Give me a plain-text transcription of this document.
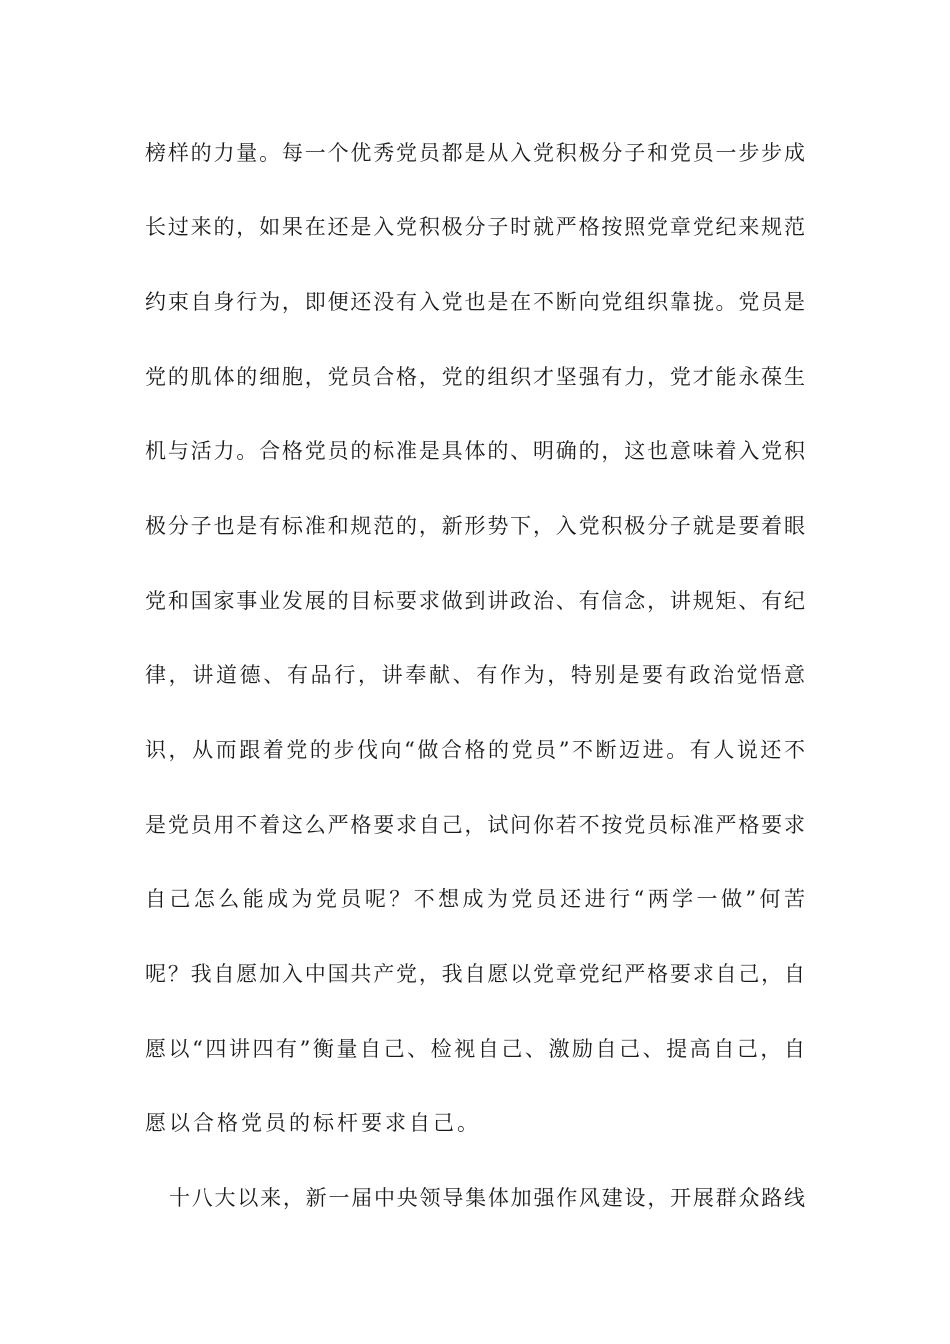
榜样的力量。每一个优秀党员都是从入党积极分子和党员一步步成
长过来的，如果在还是入党积极分子时就严格按照党章党纪来规范
约束自身行为，即便还没有入党也是在不断向党组织靠拢。党员是
党的肌体的细胞，党员合格，党的组织才坚强有力，党才能永葆生
机与活力。合格党员的标准是具体的、明确的，这也意味着入党积
极分子也是有标准和规范的，新形势下，入党积极分子就是要着眼
党和国家事业发展的目标要求做到讲政治、有信念，讲规矩、有纪
律，讲道德、有品行，讲奉献、有作为，特别是要有政治觉悟意
识，从而跟着党的步伐向“做合格的党员”不断迈进。有人说还不
是党员用不着这么严格要求自己，试问你若不按党员标准严格要求
自己怎么能成为党员呢？不想成为党员还进行“两学一做”何苦
呢？我自愿加入中国共产党，我自愿以党章党纪严格要求自己，自
愿以“四讲四有”衡量自己、检视自己、激励自己、提高自己，自
愿以合格党员的标杆要求自己。
十八大以来，新一届中央领导集体加强作风建设，开展群众路线
